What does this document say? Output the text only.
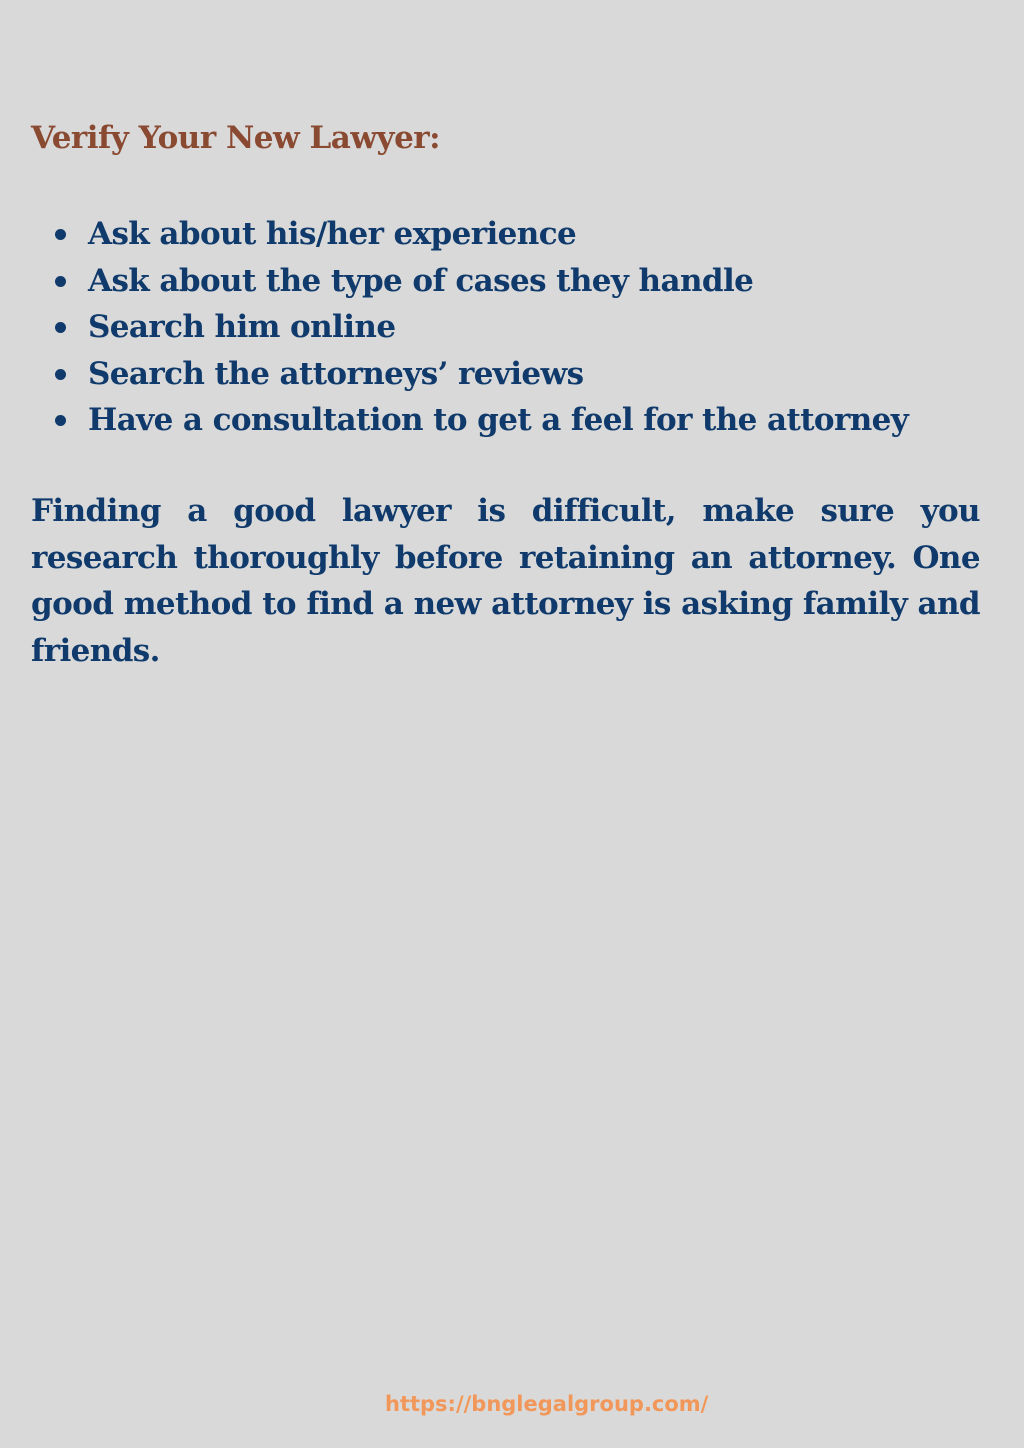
Verify Your New Lawyer:
Ask about his/her experience
Ask about the type of cases they handle
Search him online
Search the attorneys’ reviews
Have a consultation to get a feel for the attorney

Finding a good lawyer is difficult, make sure you research thoroughly before retaining an attorney. One good method to find a new attorney is asking family and friends.

https://bnglegalgroup.com/
